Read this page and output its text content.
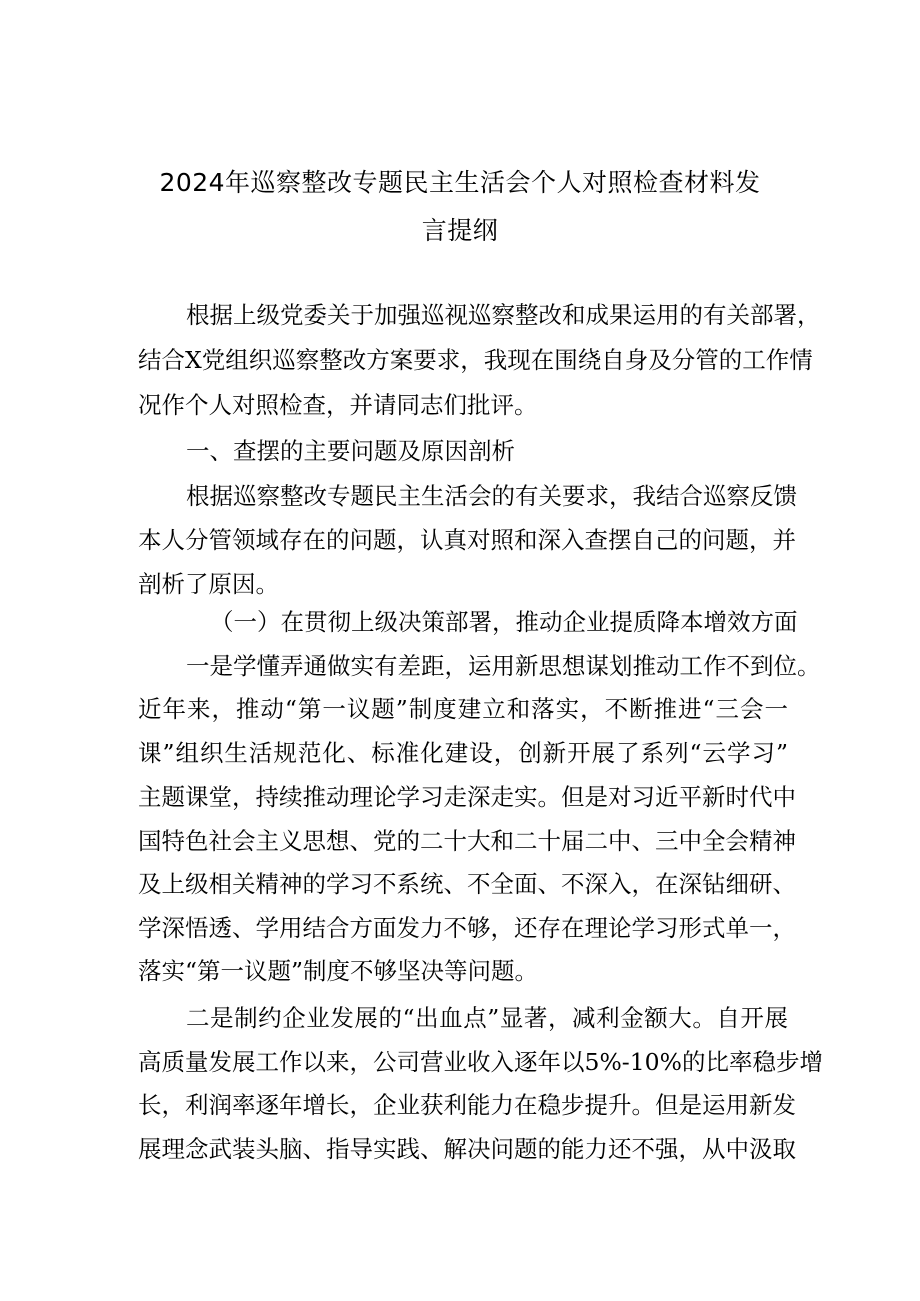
2024年巡察整改专题民主生活会个人对照检查材料发
言提纲
根据上级党委关于加强巡视巡察整改和成果运用的有关部署，
结合X党组织巡察整改方案要求，我现在围绕自身及分管的工作情
况作个人对照检查，并请同志们批评。
一、查摆的主要问题及原因剖析
根据巡察整改专题民主生活会的有关要求，我结合巡察反馈
本人分管领域存在的问题，认真对照和深入查摆自己的问题，并
剖析了原因。
（一）在贯彻上级决策部署，推动企业提质降本增效方面
一是学懂弄通做实有差距，运用新思想谋划推动工作不到位。
近年来，推动“第一议题”制度建立和落实，不断推进“三会一
课”组织生活规范化、标准化建设，创新开展了系列“云学习”
主题课堂，持续推动理论学习走深走实。但是对习近平新时代中
国特色社会主义思想、党的二十大和二十届二中、三中全会精神
及上级相关精神的学习不系统、不全面、不深入，在深钻细研、
学深悟透、学用结合方面发力不够，还存在理论学习形式单一，
落实“第一议题”制度不够坚决等问题。
二是制约企业发展的“出血点”显著，减利金额大。自开展
高质量发展工作以来，公司营业收入逐年以5%-10%的比率稳步增
长，利润率逐年增长，企业获利能力在稳步提升。但是运用新发
展理念武装头脑、指导实践、解决问题的能力还不强，从中汲取
